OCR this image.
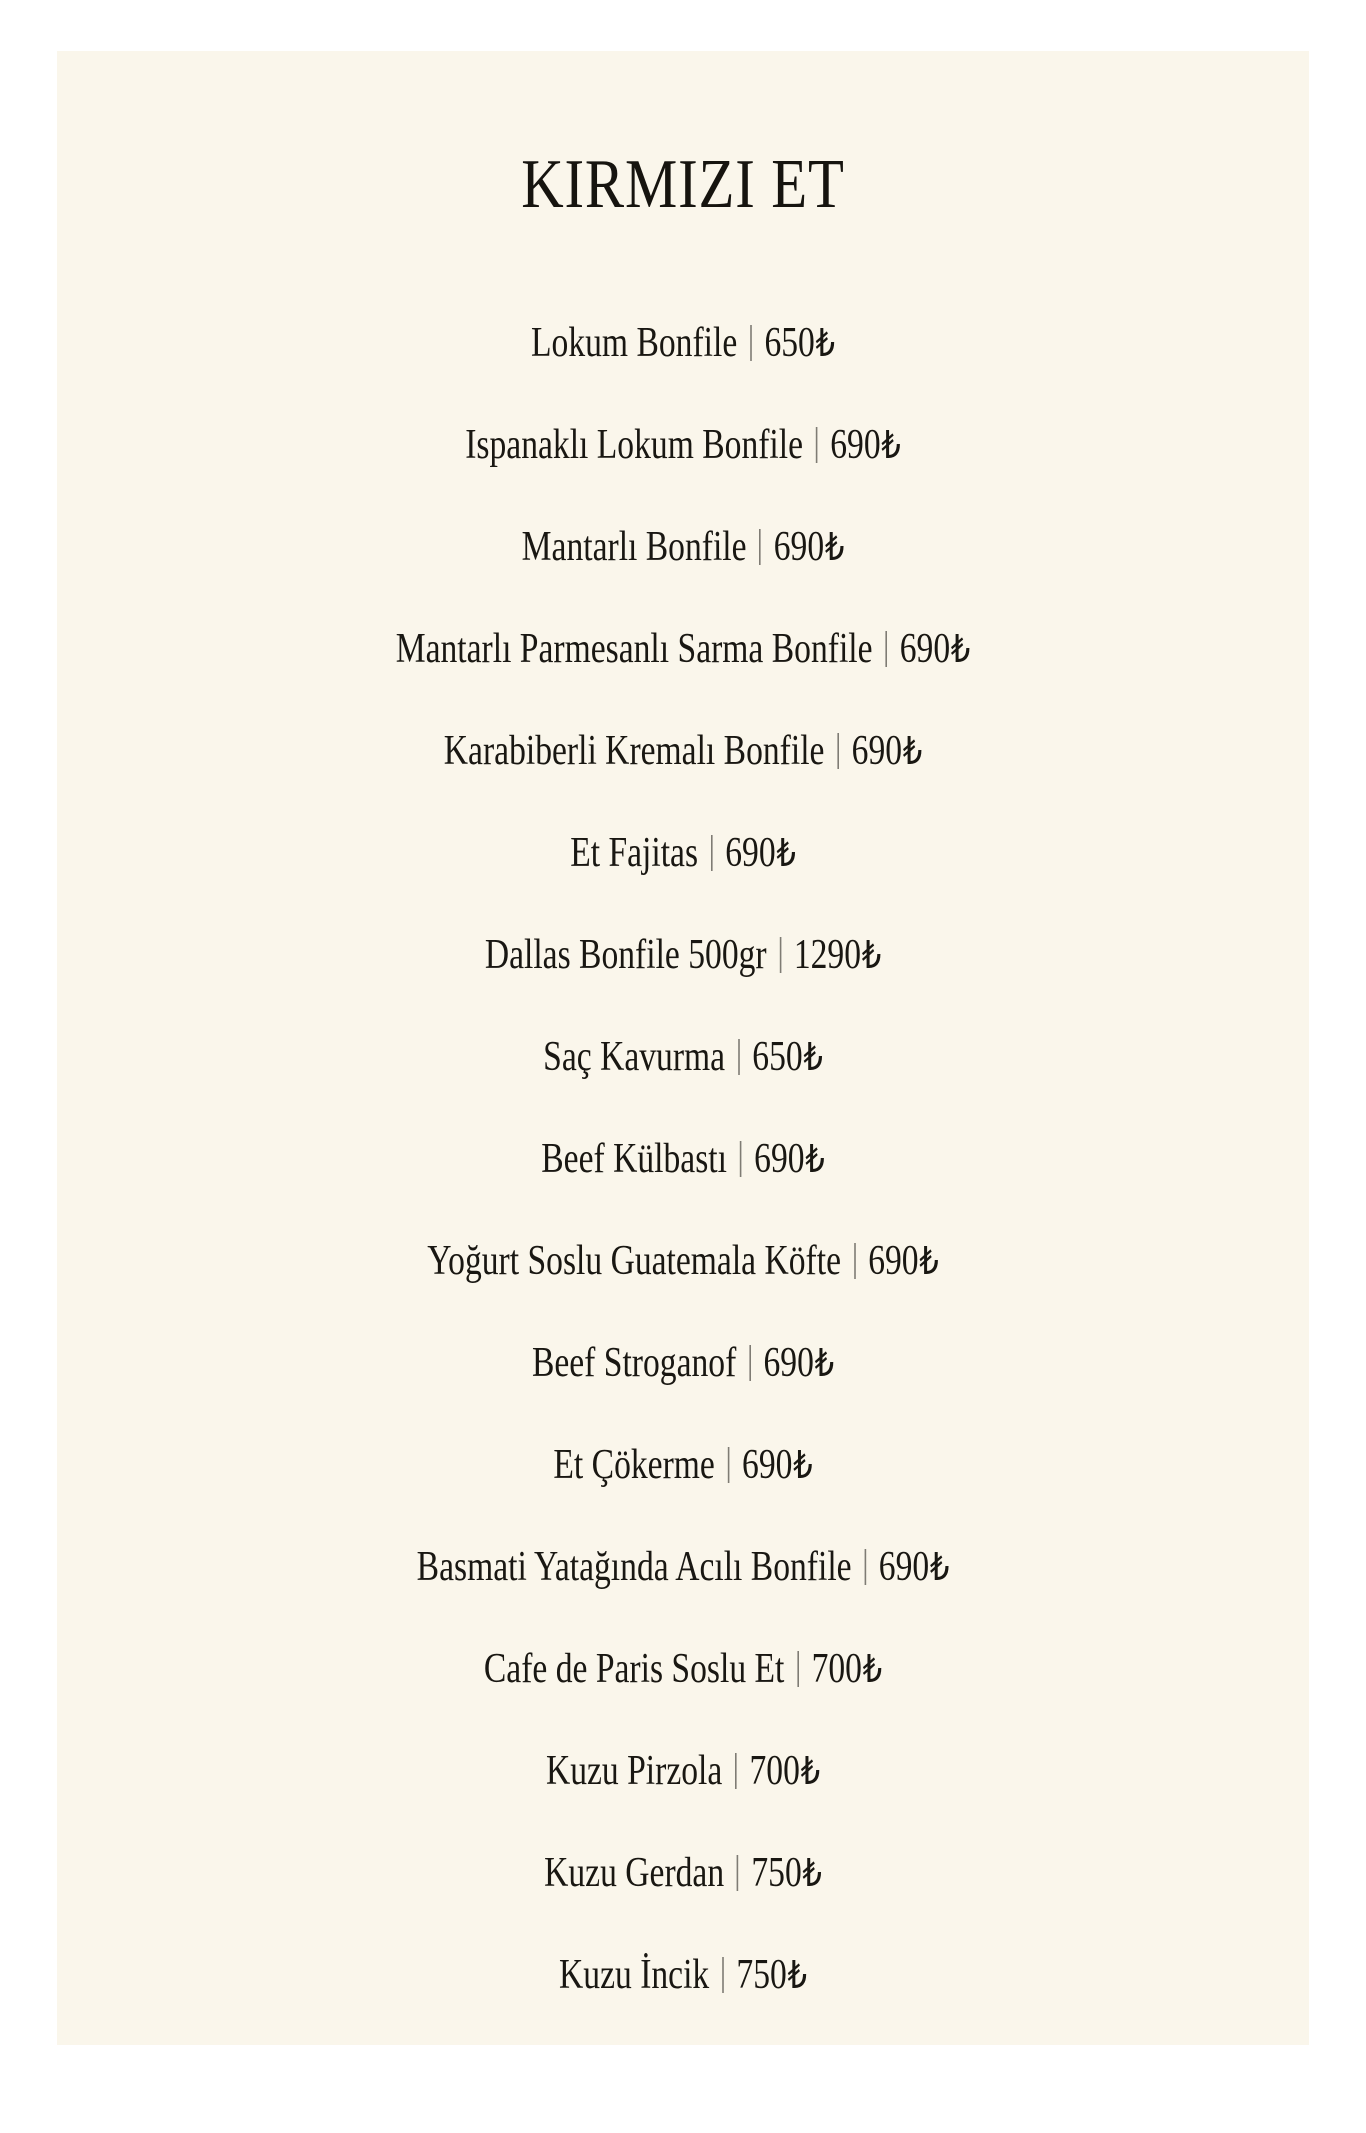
KIRMIZI ET
Lokum Bonfile 650 ₺
Ispanaklı Lokum Bonfile 690 ₺
Mantarlı Bonfile 690 ₺
Mantarlı Parmesanlı Sarma Bonfile 690 ₺
Karabiberli Kremalı Bonfile 690 ₺
Et Fajitas 690 ₺
Dallas Bonfile 500gr 1290 ₺
Saç Kavurma 650 ₺
Beef Külbastı 690 ₺
Yoğurt Soslu Guatemala Köfte 690 ₺
Beef Stroganof 690 ₺
Et Çökerme 690 ₺
Basmati Yatağında Acılı Bonfile 690 ₺
Cafe de Paris Soslu Et 700 ₺
Kuzu Pirzola 700 ₺
Kuzu Gerdan 750 ₺
Kuzu İncik 750 ₺
